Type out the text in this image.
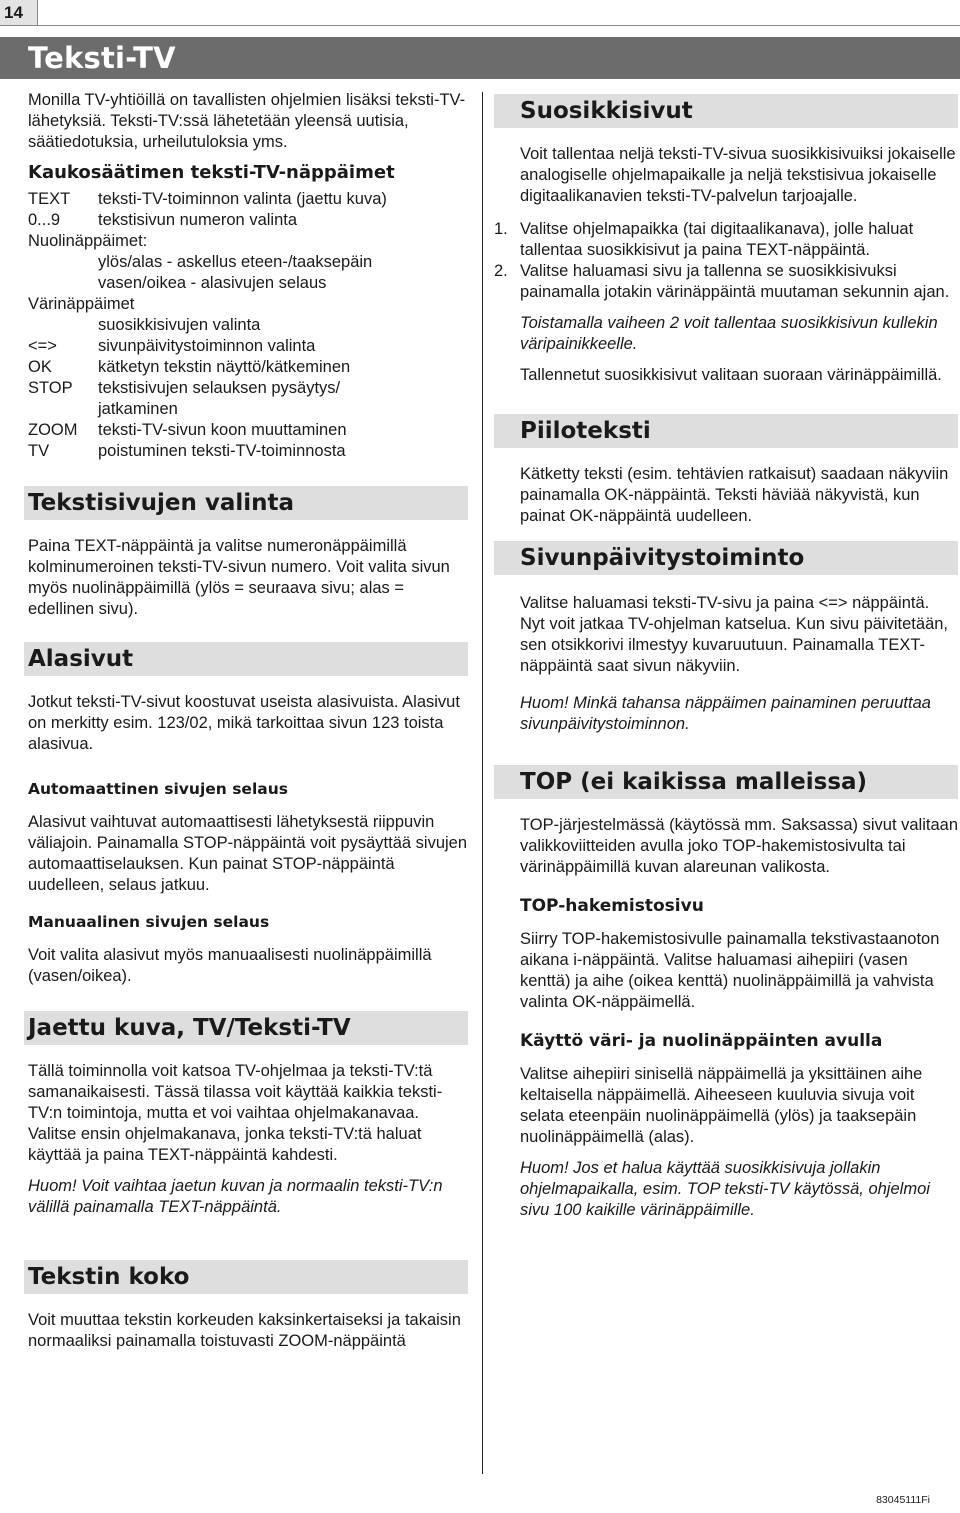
14
Teksti-TV

Monilla TV-yhtiöillä on tavallisten ohjelmien lisäksi teksti-TV-lähetyksiä. Teksti-TV:ssä lähetetään yleensä uutisia, säätiedotuksia, urheilutuloksia yms.

Kaukosäätimen teksti-TV-näppäimet
TEXT	teksti-TV-toiminnon valinta (jaettu kuva)
0...9	tekstisivun numeron valinta
Nuolinäppäimet:
ylös/alas - askellus eteen-/taaksepäin
vasen/oikea - alasivujen selaus
Värinäppäimet
suosikkisivujen valinta
<=>	sivunpäivitystoiminnon valinta
OK	kätketyn tekstin näyttö/kätkeminen
STOP	tekstisivujen selauksen pysäytys/
jatkaminen
ZOOM	teksti-TV-sivun koon muuttaminen
TV	poistuminen teksti-TV-toiminnosta
Tekstisivujen valinta

Paina TEXT-näppäintä ja valitse numeronäppäimillä kolminumeroinen teksti-TV-sivun numero. Voit valita sivun myös nuolinäppäimillä (ylös = seuraava sivu; alas = edellinen sivu).

Alasivut

Jotkut teksti-TV-sivut koostuvat useista alasivuista. Alasivut on merkitty esim. 123/02, mikä tarkoittaa sivun 123 toista alasivua.

Automaattinen sivujen selaus

Alasivut vaihtuvat automaattisesti lähetyksestä riippuvin väliajoin. Painamalla STOP-näppäintä voit pysäyttää sivujen automaattiselauksen. Kun painat STOP-näppäintä uudelleen, selaus jatkuu.

Manuaalinen sivujen selaus

Voit valita alasivut myös manuaalisesti nuolinäppäimillä (vasen/oikea).

Jaettu kuva, TV/Teksti-TV

Tällä toiminnolla voit katsoa TV-ohjelmaa ja teksti-TV:tä samanaikaisesti. Tässä tilassa voit käyttää kaikkia teksti-TV:n toimintoja, mutta et voi vaihtaa ohjelmakanavaa.

Valitse ensin ohjelmakanava, jonka teksti-TV:tä haluat käyttää ja paina TEXT-näppäintä kahdesti.

Huom! Voit vaihtaa jaetun kuvan ja normaalin teksti-TV:n välillä painamalla TEXT-näppäintä.

Tekstin koko

Voit muuttaa tekstin korkeuden kaksinkertaiseksi ja takaisin normaaliksi painamalla toistuvasti ZOOM-näppäintä

Suosikkisivut

Voit tallentaa neljä teksti-TV-sivua suosikkisivuiksi jokaiselle analogiselle ohjelmapaikalle ja neljä tekstisivua jokaiselle digitaalikanavien teksti-TV-palvelun tarjoajalle.

1. Valitse ohjelmapaikka (tai digitaalikanava), jolle haluat tallentaa suosikkisivut ja paina TEXT-näppäintä.
2. Valitse haluamasi sivu ja tallenna se suosikkisivuksi painamalla jotakin värinäppäintä muutaman sekunnin ajan.

Toistamalla vaiheen 2 voit tallentaa suosikkisivun kullekin väripainikkeelle.

Tallennetut suosikkisivut valitaan suoraan värinäppäimillä.

Piiloteksti

Kätketty teksti (esim. tehtävien ratkaisut) saadaan näkyviin painamalla OK-näppäintä. Teksti häviää näkyvistä, kun painat OK-näppäintä uudelleen.

Sivunpäivitystoiminto

Valitse haluamasi teksti-TV-sivu ja paina <=> näppäintä. Nyt voit jatkaa TV-ohjelman katselua. Kun sivu päivitetään, sen otsikkorivi ilmestyy kuvaruutuun. Painamalla TEXT-näppäintä saat sivun näkyviin.

Huom! Minkä tahansa näppäimen painaminen peruuttaa sivunpäivitystoiminnon.

TOP (ei kaikissa malleissa)

TOP-järjestelmässä (käytössä mm. Saksassa) sivut valitaan valikkoviitteiden avulla joko TOP-hakemistosivulta tai värinäppäimillä kuvan alareunan valikosta.

TOP-hakemistosivu

Siirry TOP-hakemistosivulle painamalla tekstivastaanoton aikana i-näppäintä. Valitse haluamasi aihepiiri (vasen kenttä) ja aihe (oikea kenttä) nuolinäppäimillä ja vahvista valinta OK-näppäimellä.

Käyttö väri- ja nuolinäppäinten avulla

Valitse aihepiiri sinisellä näppäimellä ja yksittäinen aihe keltaisella näppäimellä. Aiheeseen kuuluvia sivuja voit selata eteenpäin nuolinäppäimellä (ylös) ja taaksepäin nuolinäppäimellä (alas).

Huom! Jos et halua käyttää suosikkisivuja jollakin ohjelmapaikalla, esim. TOP teksti-TV käytössä, ohjelmoi sivu 100 kaikille värinäppäimille.

83045111Fi
